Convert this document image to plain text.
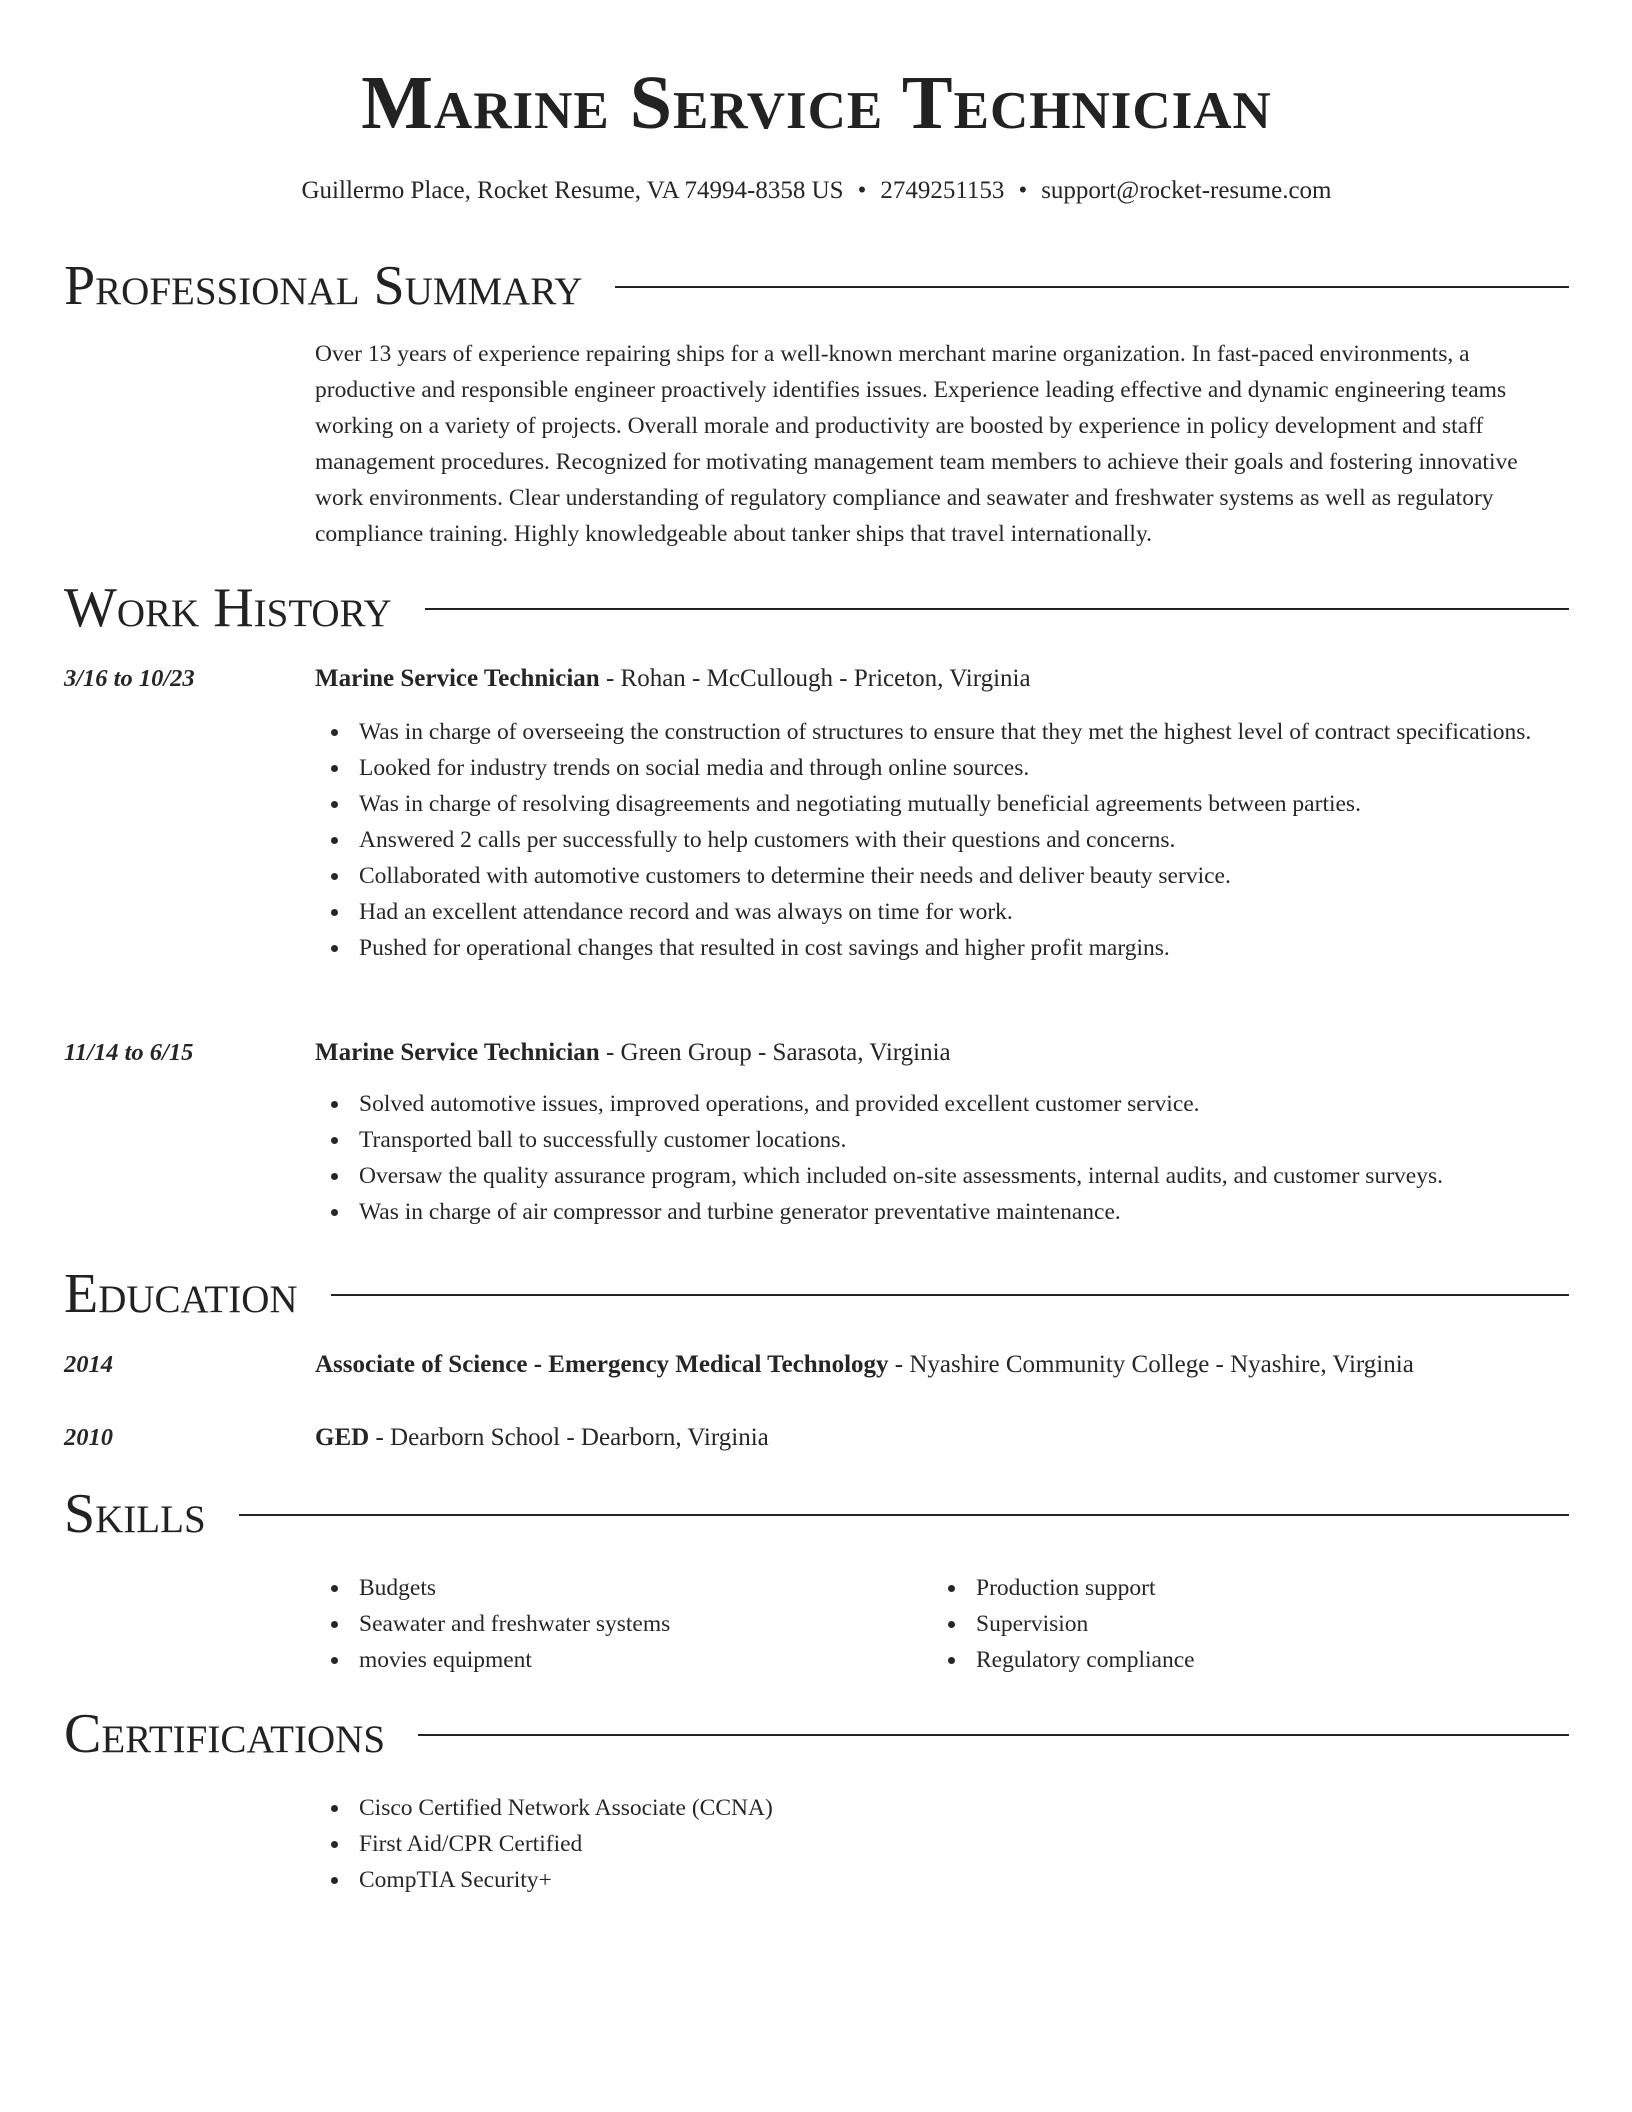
Marine Service Technician
Guillermo Place, Rocket Resume, VA 74994-8358 US • 2749251153 • support@rocket-resume.com
Professional Summary

Over 13 years of experience repairing ships for a well-known merchant marine organization. In fast-paced environments, a productive and responsible engineer proactively identifies issues. Experience leading effective and dynamic engineering teams working on a variety of projects. Overall morale and productivity are boosted by experience in policy development and staff management procedures. Recognized for motivating management team members to achieve their goals and fostering innovative work environments. Clear understanding of regulatory compliance and seawater and freshwater systems as well as regulatory compliance training. Highly knowledgeable about tanker ships that travel internationally.

Work History
3/16 to 10/23	Marine Service Technician - Rohan - McCullough - Priceton, Virginia
Was in charge of overseeing the construction of structures to ensure that they met the highest level of contract specifications.
Looked for industry trends on social media and through online sources.
Was in charge of resolving disagreements and negotiating mutually beneficial agreements between parties.
Answered 2 calls per successfully to help customers with their questions and concerns.
Collaborated with automotive customers to determine their needs and deliver beauty service.
Had an excellent attendance record and was always on time for work.
Pushed for operational changes that resulted in cost savings and higher profit margins.
11/14 to 6/15	Marine Service Technician - Green Group - Sarasota, Virginia
Solved automotive issues, improved operations, and provided excellent customer service.
Transported ball to successfully customer locations.
Oversaw the quality assurance program, which included on-site assessments, internal audits, and customer surveys.
Was in charge of air compressor and turbine generator preventative maintenance.
Education
2014	Associate of Science - Emergency Medical Technology - Nyashire Community College - Nyashire, Virginia
2010	GED - Dearborn School - Dearborn, Virginia
Skills
Budgets
Seawater and freshwater systems
movies equipment
Production support
Supervision
Regulatory compliance
Certifications
Cisco Certified Network Associate (CCNA)
First Aid/CPR Certified
CompTIA Security+
